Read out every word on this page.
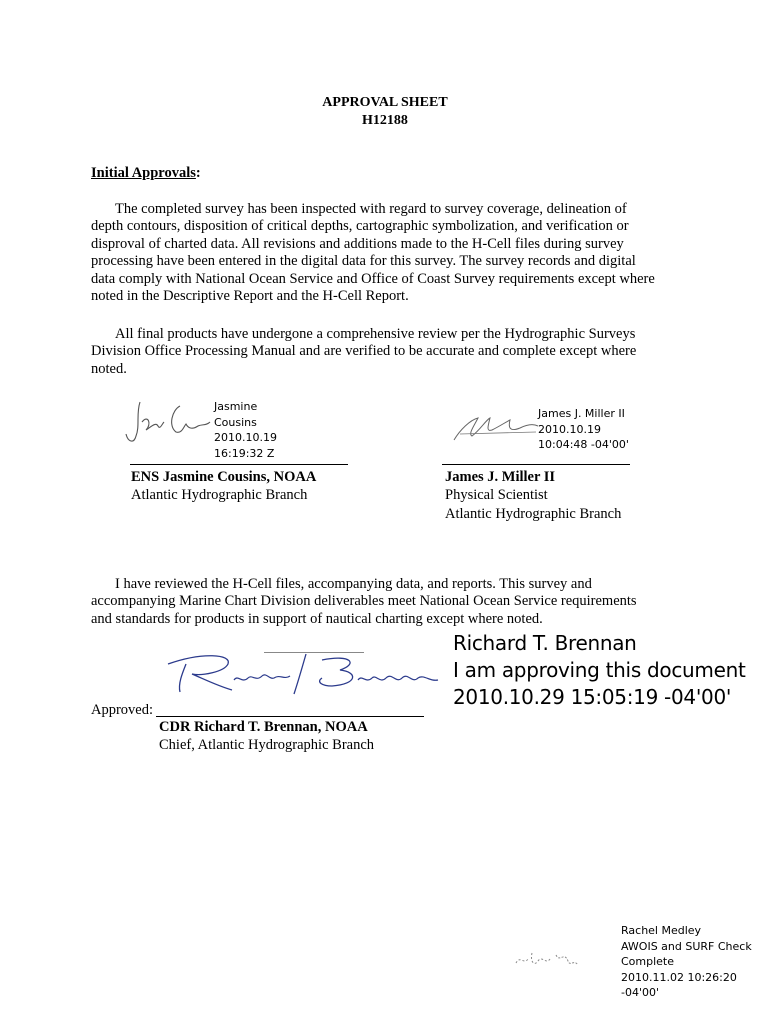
APPROVAL SHEET
H12188
Initial Approvals:

The completed survey has been inspected with regard to survey coverage, delineation of

depth contours, disposition of critical depths, cartographic symbolization, and verification or

disproval of charted data. All revisions and additions made to the H-Cell files during survey

processing have been entered in the digital data for this survey. The survey records and digital

data comply with National Ocean Service and Office of Coast Survey requirements except where

noted in the Descriptive Report and the H-Cell Report.

All final products have undergone a comprehensive review per the Hydrographic Surveys

Division Office Processing Manual and are verified to be accurate and complete except where

noted.

Jasmine
Cousins
2010.10.19
16:19:32 Z
ENS Jasmine Cousins, NOAA
Atlantic Hydrographic Branch
James J. Miller II
2010.10.19
10:04:48 -04'00'
James J. Miller II
Physical Scientist
Atlantic Hydrographic Branch

I have reviewed the H-Cell files, accompanying data, and reports. This survey and

accompanying Marine Chart Division deliverables meet National Ocean Service requirements

and standards for products in support of nautical charting except where noted.

Richard T. Brennan
I am approving this document
2010.10.29 15:05:19 -04'00'
Approved:
CDR Richard T. Brennan, NOAA
Chief, Atlantic Hydrographic Branch
Rachel Medley
AWOIS and SURF Check
Complete
2010.11.02 10:26:20
-04'00'
